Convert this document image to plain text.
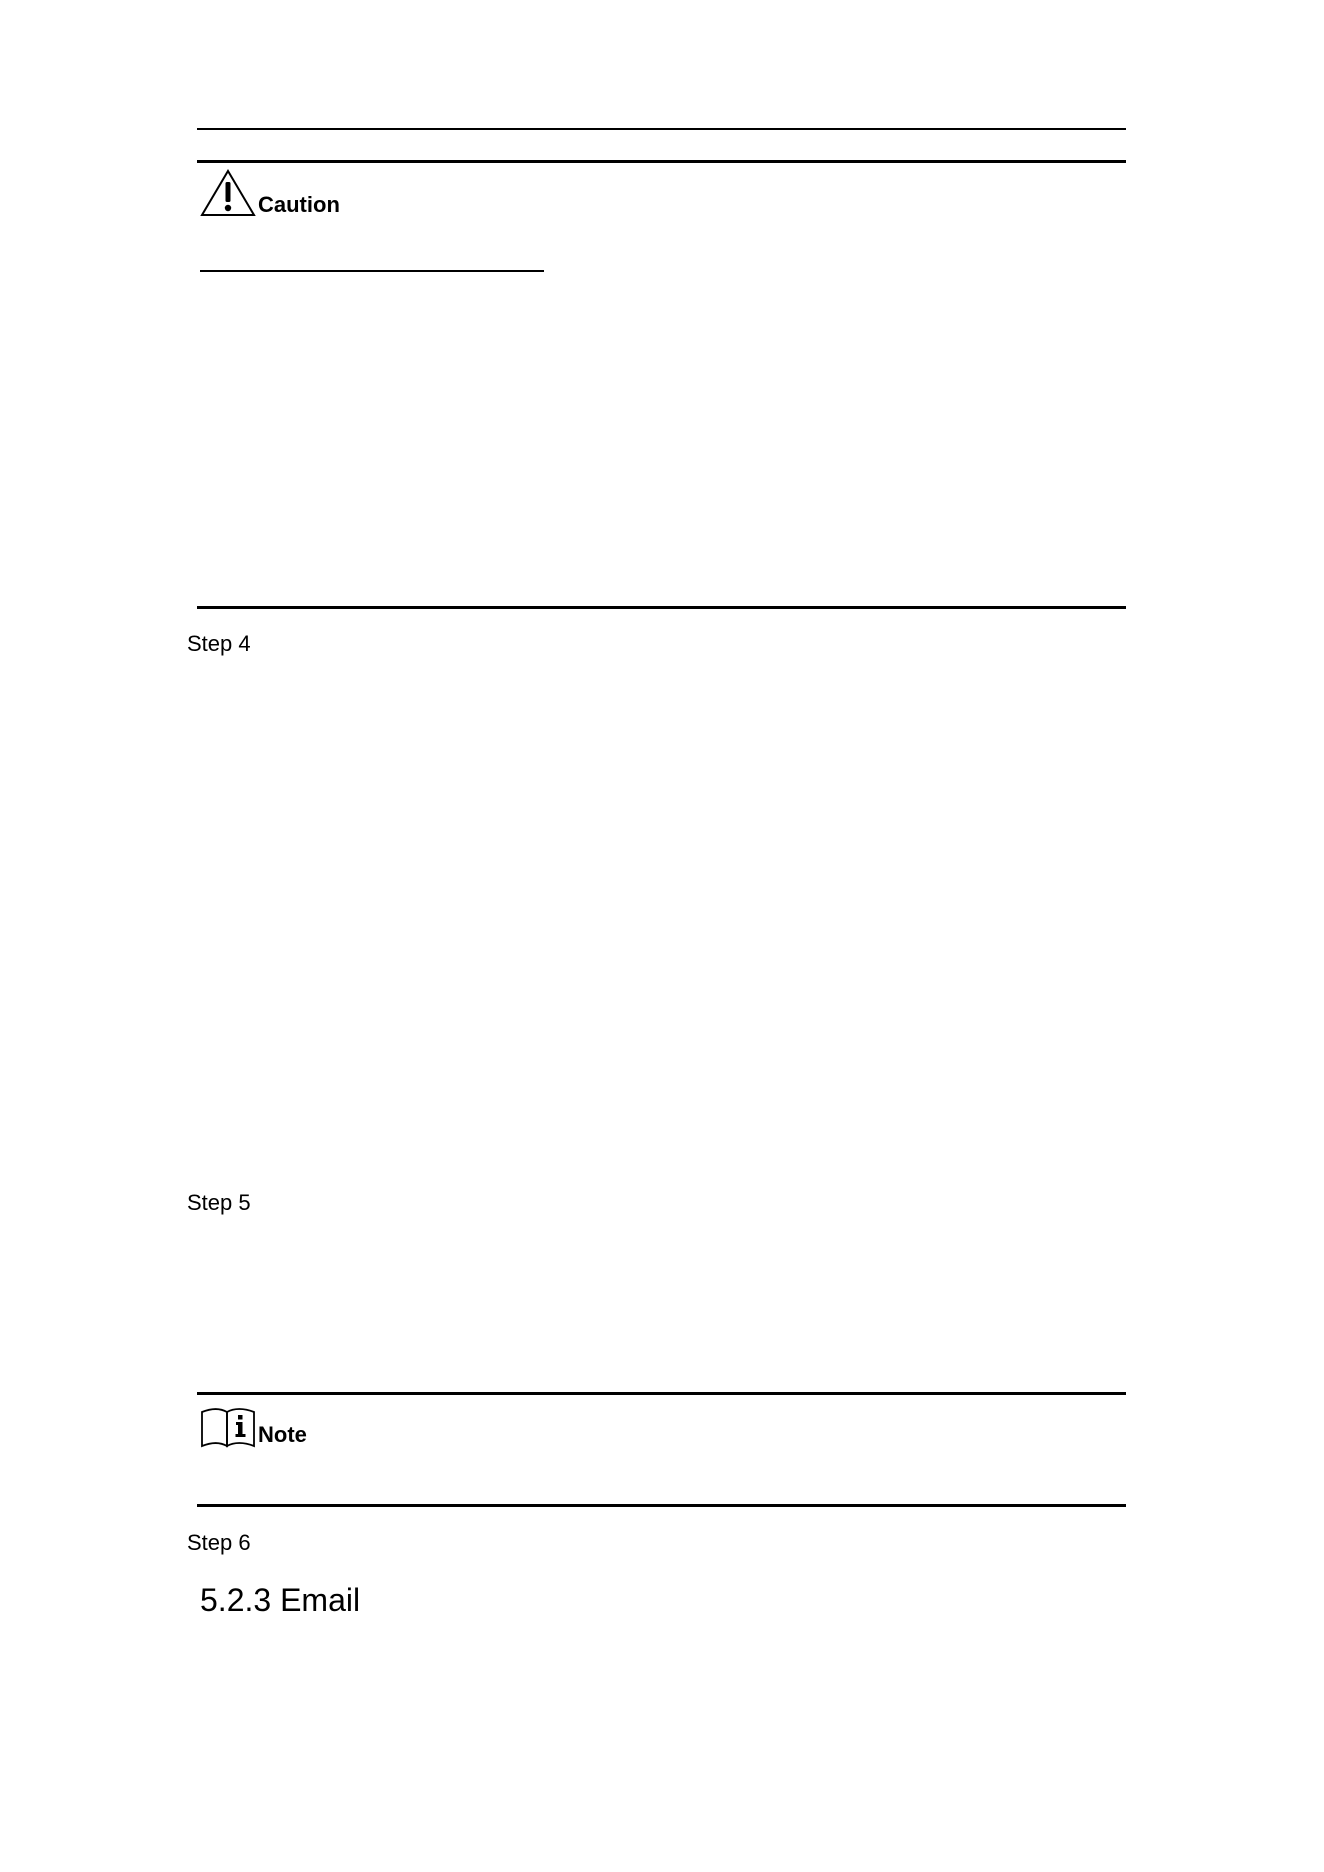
Caution
Step 4
Step 5
Note
Step 6
5.2.3 Email
